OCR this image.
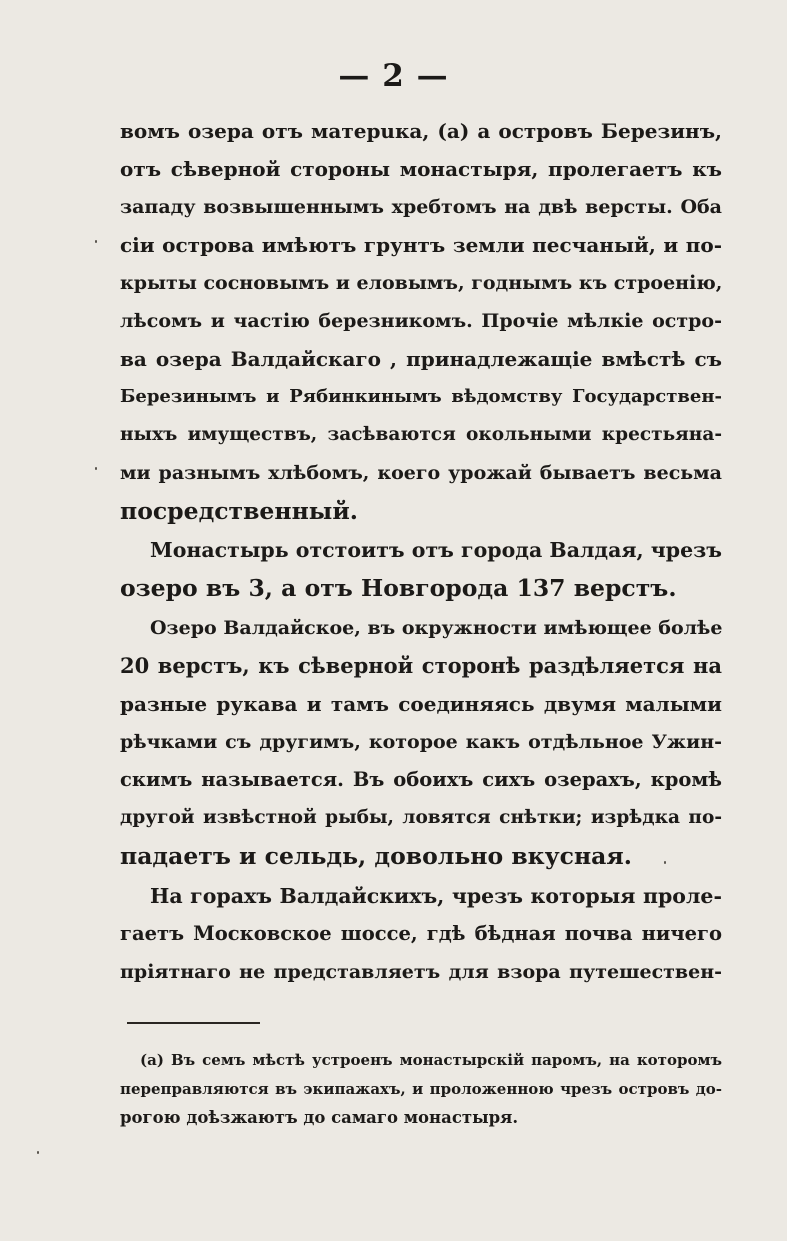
— 2 —
вомъ озера отъ матерuка, (а) а островъ Березинъ,
отъ сѣверной стороны монастыря, пролегаетъ къ
западу возвышеннымъ хребтомъ на двѣ версты. Оба
сіи острова имѣютъ грунтъ земли песчаный, и по-
крыты сосновымъ и еловымъ, годнымъ къ строенію,
лѣсомъ и частію березникомъ. Прочіе мѣлкіе остро-
ва озера Валдайскаго , принадлежащіе вмѣстѣ съ
Березинымъ и Рябинкинымъ вѣдомству Государствен-
ныхъ имуществъ, засѣваются окольными крестьяна-
ми разнымъ хлѣбомъ, коего урожай бываетъ весьма
посредственный.
Монастырь отстоитъ отъ города Валдая, чрезъ
озеро въ 3, а отъ Новгорода 137 верстъ.
Озеро Валдайское, въ окружности имѣющее болѣе
20 верстъ, къ сѣверной сторонѣ раздѣляется на
разные рукава и тамъ соединяясь двумя малыми
рѣчками съ другимъ, которое какъ отдѣльное Ужин-
скимъ называется. Въ обоихъ сихъ озерахъ, кромѣ
другой извѣстной рыбы, ловятся снѣтки; изрѣдка по-
падаетъ и сельдь, довольно вкусная.
На горахъ Валдайскихъ, чрезъ которыя проле-
гаетъ Московское шоссе, гдѣ бѣдная почва ничего
пріятнаго не представляетъ для взора путешествен-
(а) Въ семъ мѣстѣ устроенъ монастырскій паромъ, на которомъ
переправляются въ экипажахъ, и проложенною чрезъ островъ до-
рогою доѣзжаютъ до самаго монастыря.
